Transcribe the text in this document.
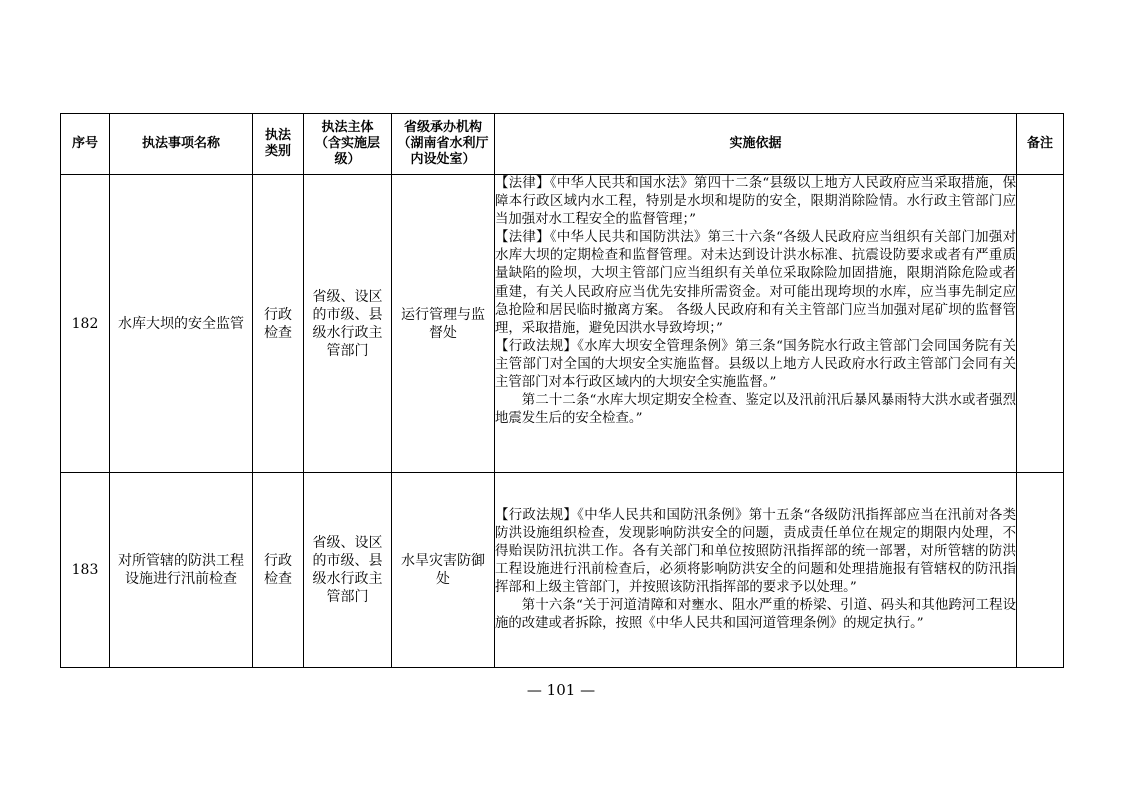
序号	执法事项名称	执法类别	执法主体（含实施层级）	省级承办机构（湖南省水利厅内设处室）	实施依据	备注
182	水库大坝的安全监管	行政检查	省级、设区的市级、县级水行政主管部门	运行管理与监督处	【法律】《中华人民共和国水法》第四十二条“县级以上地方人民政府应当采取措施，保障本行政区域内水工程，特别是水坝和堤防的安全，限期消除险情。水行政主管部门应当加强对水工程安全的监督管理；”

【法律】《中华人民共和国防洪法》第三十六条“各级人民政府应当组织有关部门加强对水库大坝的定期检查和监督管理。对未达到设计洪水标准、抗震设防要求或者有严重质量缺陷的险坝，大坝主管部门应当组织有关单位采取除险加固措施，限期消除危险或者重建，有关人民政府应当优先安排所需资金。对可能出现垮坝的水库，应当事先制定应急抢险和居民临时撤离方案。 各级人民政府和有关主管部门应当加强对尾矿坝的监督管理，采取措施，避免因洪水导致垮坝；”

【行政法规】《水库大坝安全管理条例》第三条“国务院水行政主管部门会同国务院有关主管部门对全国的大坝安全实施监督。县级以上地方人民政府水行政主管部门会同有关主管部门对本行政区域内的大坝安全实施监督。”

第二十二条“水库大坝定期安全检查、鉴定以及汛前汛后暴风暴雨特大洪水或者强烈地震发生后的安全检查。”	

183	对所管辖的防洪工程设施进行汛前检查	行政检查	省级、设区的市级、县级水行政主管部门	水旱灾害防御处	【行政法规】《中华人民共和国防汛条例》第十五条“各级防汛指挥部应当在汛前对各类防洪设施组织检查，发现影响防洪安全的问题，责成责任单位在规定的期限内处理，不得贻误防汛抗洪工作。各有关部门和单位按照防汛指挥部的统一部署，对所管辖的防洪工程设施进行汛前检查后，必须将影响防洪安全的问题和处理措施报有管辖权的防汛指挥部和上级主管部门，并按照该防汛指挥部的要求予以处理。”

第十六条“关于河道清障和对壅水、阻水严重的桥梁、引道、码头和其他跨河工程设施的改建或者拆除，按照《中华人民共和国河道管理条例》的规定执行。”	

— 101 —
